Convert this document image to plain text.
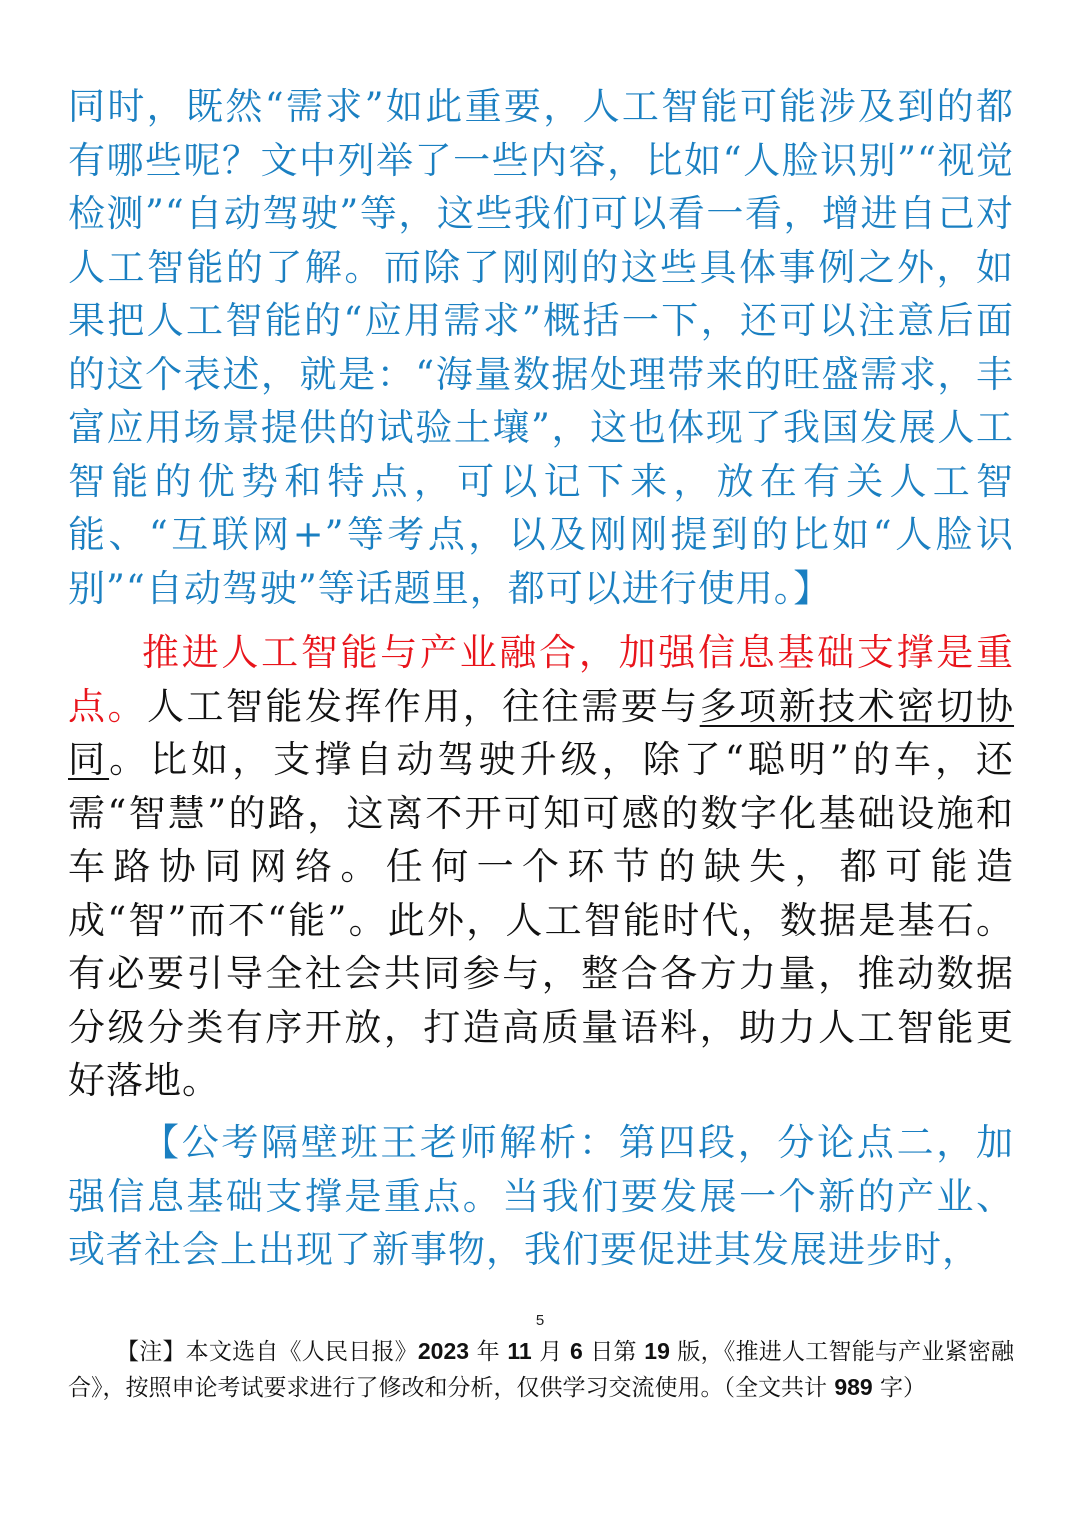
同时，既然“需求”如此重要，人工智能可能涉及到的都有哪些呢？文中列举了一些内容，比如“人脸识别”“视觉检测”“自动驾驶”等，这些我们可以看一看，增进自己对人工智能的了解。而除了刚刚的这些具体事例之外，如果把人工智能的“应用需求”概括一下，还可以注意后面的这个表述，就是：“海量数据处理带来的旺盛需求，丰富应用场景提供的试验土壤”，这也体现了我国发展人工智能的优势和特点，可以记下来，放在有关人工智能、“互联网+”等考点，以及刚刚提到的比如“人脸识别”“自动驾驶”等话题里，都可以进行使用。】

推进人工智能与产业融合，加强信息基础支撑是重点。人工智能发挥作用，往往需要与多项新技术密切协同。比如，支撑自动驾驶升级，除了“聪明”的车，还需“智慧”的路，这离不开可知可感的数字化基础设施和车路协同网络。任何一个环节的缺失，都可能造成“智”而不“能”。此外，人工智能时代，数据是基石。有必要引导全社会共同参与，整合各方力量，推动数据分级分类有序开放，打造高质量语料，助力人工智能更好落地。

【公考隔壁班王老师解析：第四段，分论点二，加强信息基础支撑是重点。当我们要发展一个新的产业、或者社会上出现了新事物，我们要促进其发展进步时，

5

【注】本文选自《人民日报》2023 年 11 月 6 日第 19 版，《推进人工智能与产业紧密融合》，按照申论考试要求进行了修改和分析，仅供学习交流使用。（全文共计 989 字）
